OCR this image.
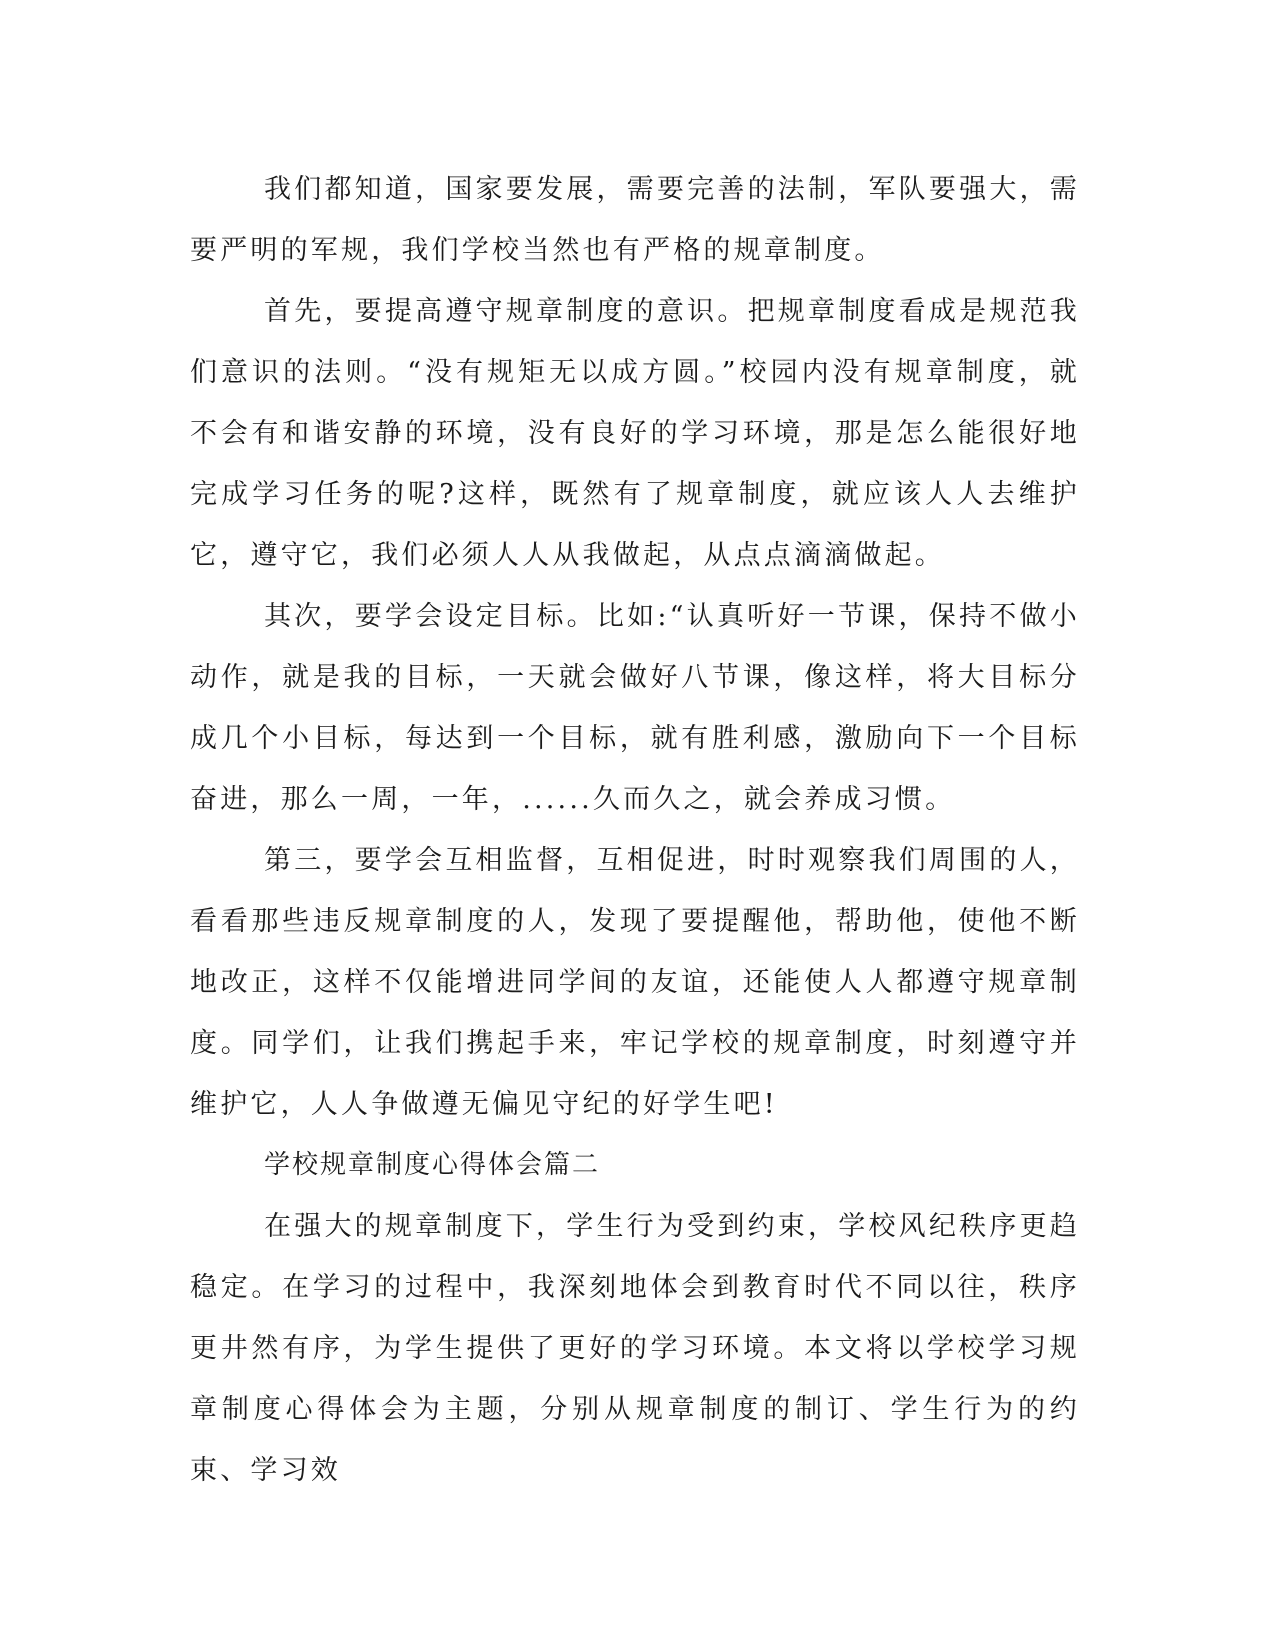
我们都知道，国家要发展，需要完善的法制，军队要强大，需要严明的军规，我们学校当然也有严格的规章制度。

首先，要提高遵守规章制度的意识。把规章制度看成是规范我们意识的法则。“没有规矩无以成方圆。”校园内没有规章制度，就不会有和谐安静的环境，没有良好的学习环境，那是怎么能很好地完成学习任务的呢?这样，既然有了规章制度，就应该人人去维护它，遵守它，我们必须人人从我做起，从点点滴滴做起。

其次，要学会设定目标。比如:“认真听好一节课，保持不做小动作，就是我的目标，一天就会做好八节课，像这样，将大目标分成几个小目标，每达到一个目标，就有胜利感，激励向下一个目标奋进，那么一周，一年，......久而久之，就会养成习惯。

第三，要学会互相监督，互相促进，时时观察我们周围的人，看看那些违反规章制度的人，发现了要提醒他，帮助他，使他不断地改正，这样不仅能增进同学间的友谊，还能使人人都遵守规章制度。同学们，让我们携起手来，牢记学校的规章制度，时刻遵守并维护它，人人争做遵无偏见守纪的好学生吧!

学校规章制度心得体会篇二

在强大的规章制度下，学生行为受到约束，学校风纪秩序更趋稳定。在学习的过程中，我深刻地体会到教育时代不同以往，秩序更井然有序，为学生提供了更好的学习环境。本文将以学校学习规章制度心得体会为主题，分别从规章制度的制订、学生行为的约束、学习效
